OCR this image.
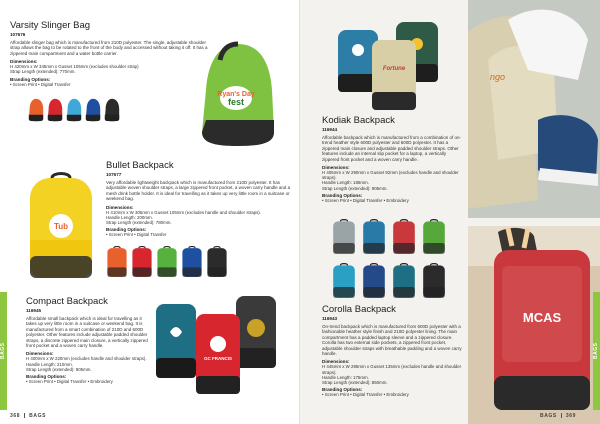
Varsity Slinger Bag
107676
Affordable slinger bag which is manufactured from 210D polyester. The single, adjustable shoulder strap allows the bag to be rotated to the front of the body and accessed without taking it off. It has a zippered main compartment and a water bottle carrier.
Dimensions:
H 420mm x W 345mm x Gusset 105mm (excludes shoulder strap)
Strap Length (extended): 770mm.
Branding Options:
• Screen Print • Digital Transfer
Ryan's Day
fest
Bullet Backpack
107677
Very affordable lightweight backpack which is manufactured from 210D polyester. It has adjustable woven shoulder straps, a large zippered front pocket, a woven carry handle and a mesh drink bottle holder. It is ideal for travelling as it takes up very little room in a suitcase or weekend bag.
Dimensions:
H 410mm x W 305mm x Gusset 105mm (excludes handle and shoulder straps).
Handle Length: 200mm.
Strap Length (extended): 780mm.
Branding Options:
• Screen Print • Digital Transfer
Tub
Compact Backpack
116945
Affordable small backpack which is ideal for travelling as it takes up very little room in a suitcase or weekend bag. It is manufactured from a smart combination of 210D and 600D polyester. Other features include adjustable padded shoulder straps, a discrete zippered main closure, a vertically zippered front pocket and a woven carry handle.
Dimensions:
H 400mm x W 220mm (excludes handle and shoulder straps).
Handle Length: 210mm.
Strap Length (extended): 905mm.
Branding Options:
• Screen Print • Digital Transfer • Embroidery
GC FRANCIS
BAGS
368 BAGS
Fortune
ngo
Kodiak Backpack
116944
Affordable backpack which is manufactured from a combination of on-trend heather style 600D polyester and 600D polyester. It has a zippered main closure and adjustable padded shoulder straps. Other features include an internal slip pocket for a laptop, a vertically zippered front pocket and a woven carry handle.
Dimensions:
H 405mm x W 290mm x Gusset 92mm (excludes handle and shoulder straps).
Handle Length: 185mm.
Strap Length (extended): 905mm.
Branding Options:
• Screen Print • Digital Transfer • Embroidery
MCAS
Corolla Backpack
116943
On-trend backpack which is manufactured from 600D polyester with a fashionable heather style finish and 210D polyester lining. The main compartment has a padded laptop sleeve and a zippered closure. Corolla has two external side pockets, a zippered front pocket, adjustable shoulder straps with breathable padding and a woven carry handle.
Dimensions:
H 445mm x W 295mm x Gusset 135mm (excludes handle and shoulder straps).
Handle Length: 175mm.
Strap Length (extended): 850mm.
Branding Options:
• Screen Print • Digital Transfer • Embroidery
BAGS
BAGS 369
